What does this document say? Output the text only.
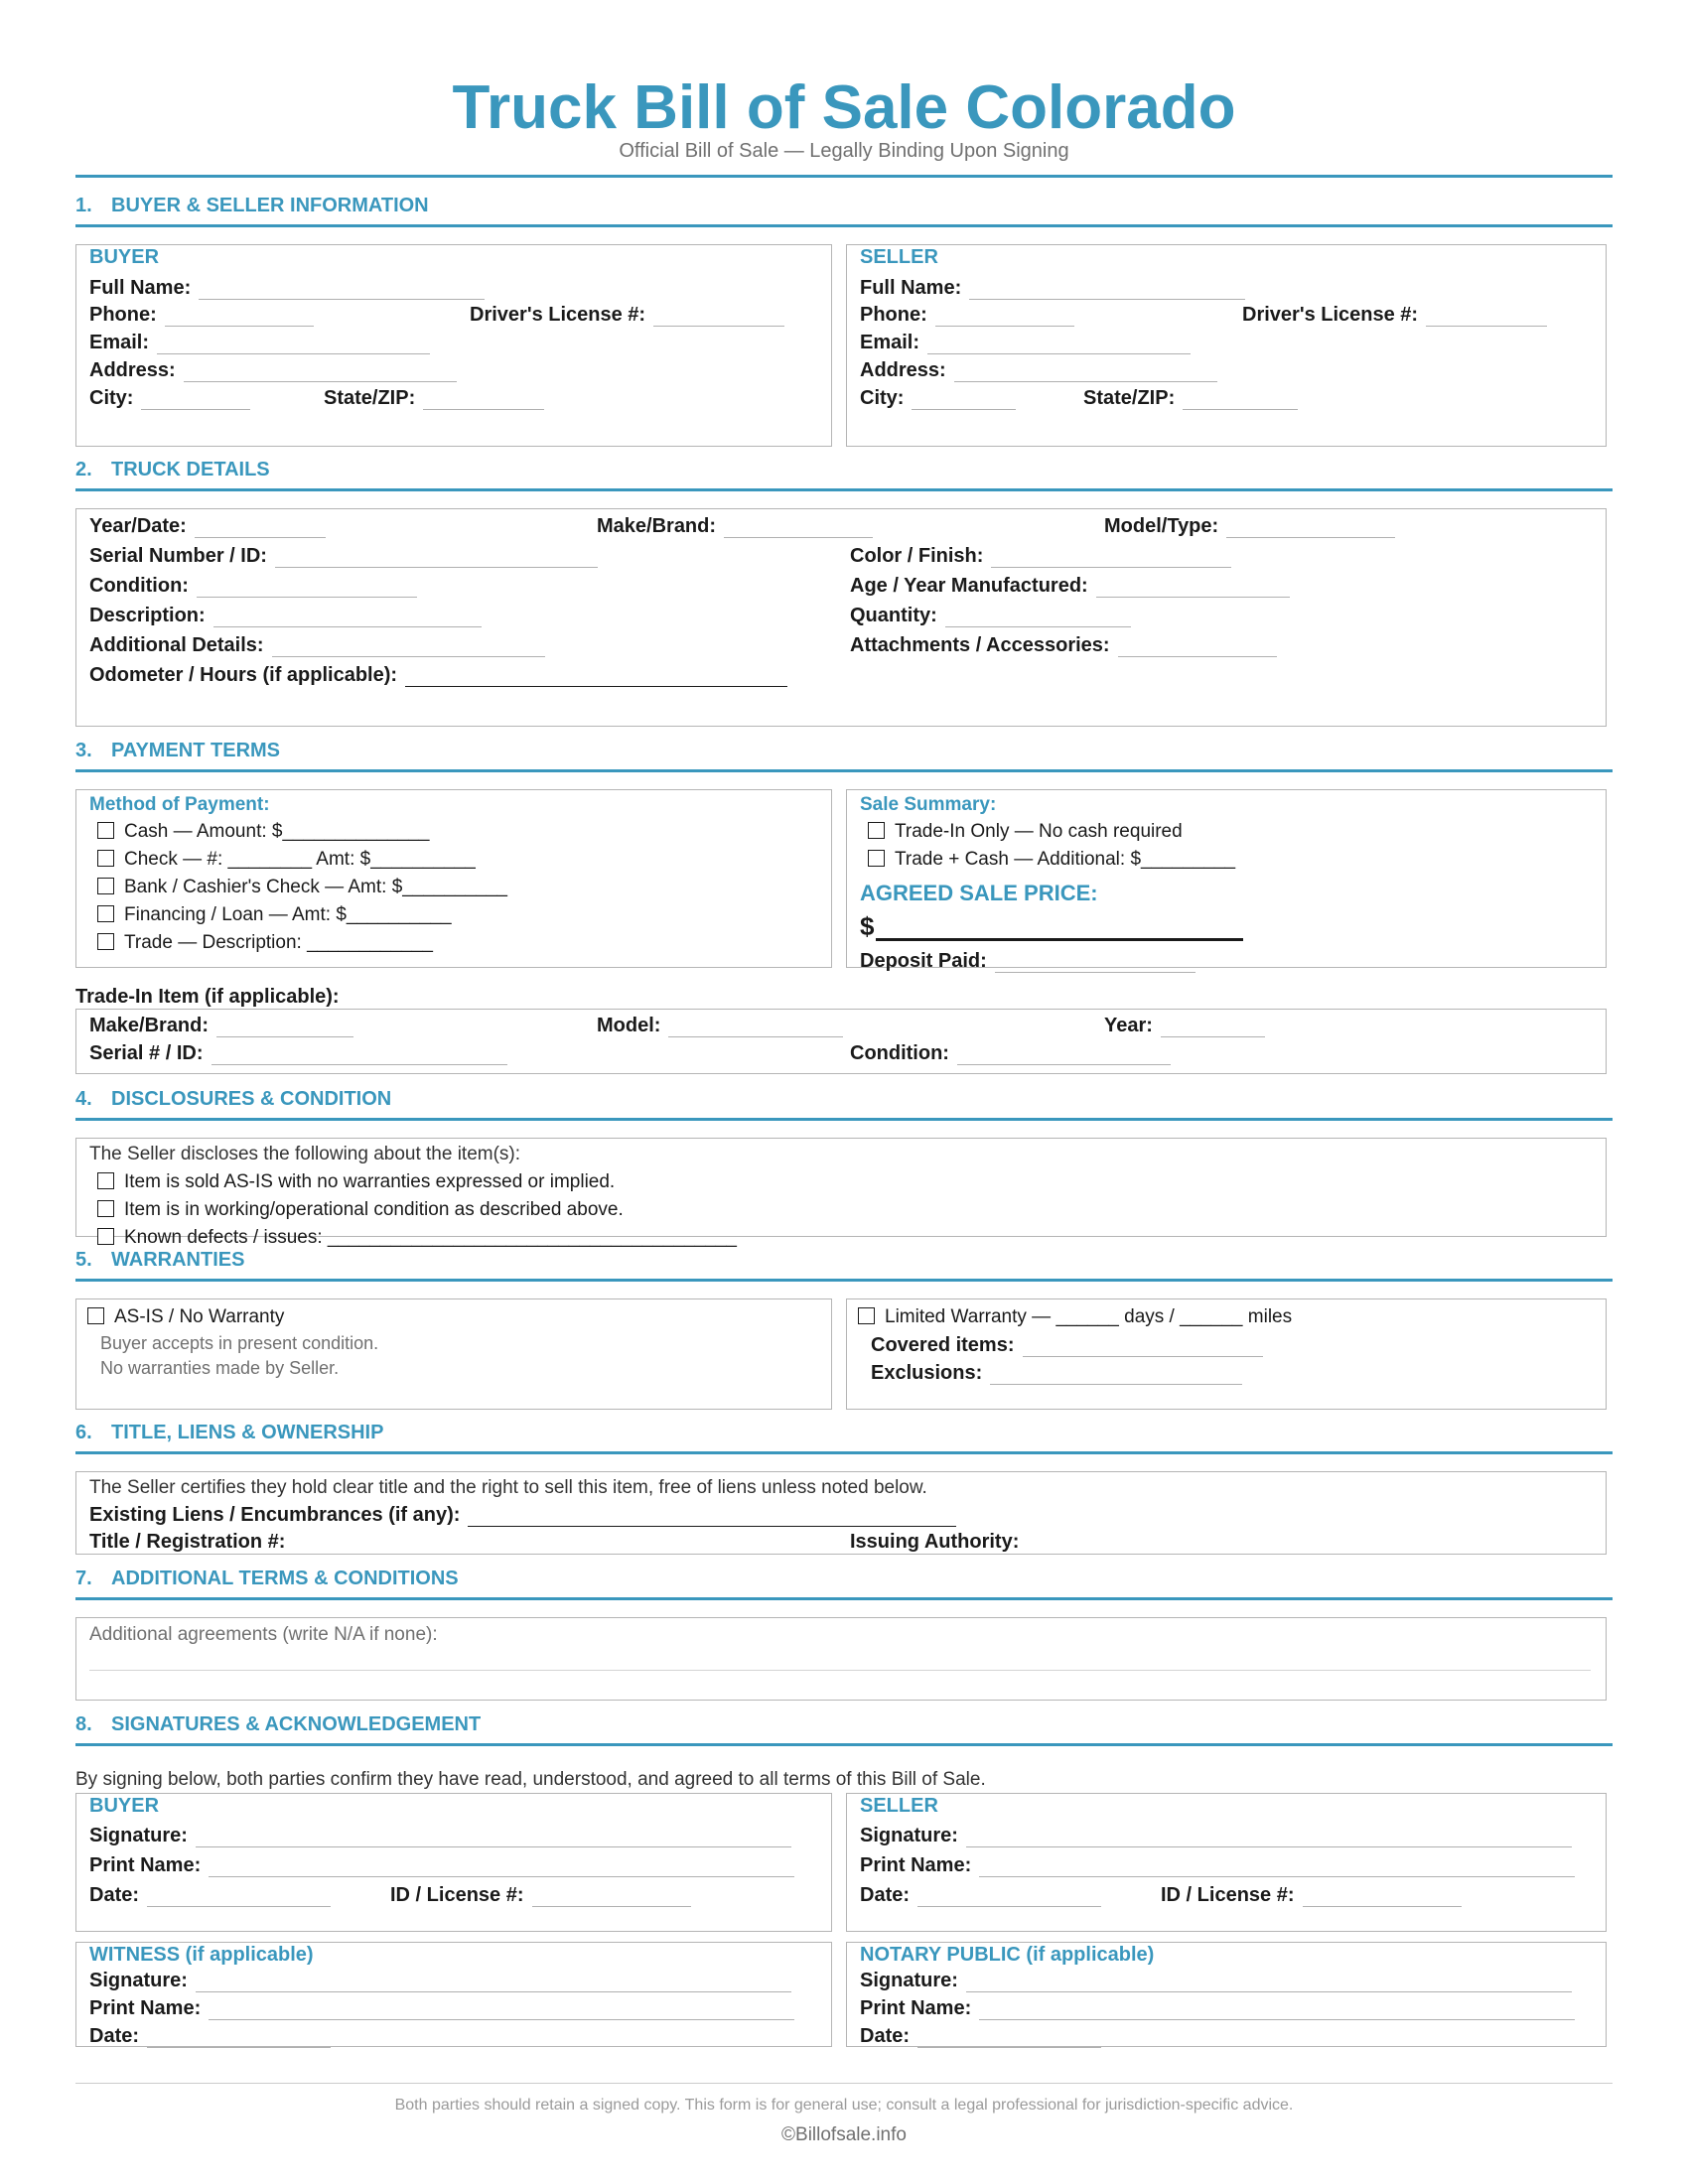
Truck Bill of Sale Colorado
Official Bill of Sale — Legally Binding Upon Signing
1. BUYER & SELLER INFORMATION
BUYER
Full Name:
Phone:	Driver's License #:
Email:
Address:
City:	State/ZIP:
SELLER
Full Name:
Phone:	Driver's License #:
Email:
Address:
City:	State/ZIP:
2. TRUCK DETAILS
Year/Date:	Make/Brand:	Model/Type:
Serial Number / ID:	Color / Finish:
Condition:	Age / Year Manufactured:
Description:	Quantity:
Additional Details:	Attachments / Accessories:
Odometer / Hours (if applicable):
3. PAYMENT TERMS
Method of Payment:
Cash — Amount: $______________
Check — #: ________ Amt: $__________
Bank / Cashier's Check — Amt: $__________
Financing / Loan — Amt: $__________
Trade — Description: ____________
Sale Summary:
Trade-In Only — No cash required
Trade + Cash — Additional: $_________
AGREED SALE PRICE:
$
Deposit Paid:
Trade-In Item (if applicable):
Make/Brand:	Model:	Year:
Serial # / ID:	Condition:
4. DISCLOSURES & CONDITION
The Seller discloses the following about the item(s):
Item is sold AS-IS with no warranties expressed or implied.
Item is in working/operational condition as described above.
Known defects / issues: _______________________________________
5. WARRANTIES
AS-IS / No Warranty
Buyer accepts in present condition.
No warranties made by Seller.
Limited Warranty — ______ days / ______ miles
Covered items:
Exclusions:
6. TITLE, LIENS & OWNERSHIP
The Seller certifies they hold clear title and the right to sell this item, free of liens unless noted below.
Existing Liens / Encumbrances (if any):
Title / Registration #:	Issuing Authority:
7. ADDITIONAL TERMS & CONDITIONS
Additional agreements (write N/A if none):
8. SIGNATURES & ACKNOWLEDGEMENT
By signing below, both parties confirm they have read, understood, and agreed to all terms of this Bill of Sale.
BUYER
Signature:
Print Name:
Date:	ID / License #:
SELLER
Signature:
Print Name:
Date:	ID / License #:
WITNESS (if applicable)
Signature:
Print Name:
Date:
NOTARY PUBLIC (if applicable)
Signature:
Print Name:
Date:
Both parties should retain a signed copy. This form is for general use; consult a legal professional for jurisdiction-specific advice.
©Billofsale.info
